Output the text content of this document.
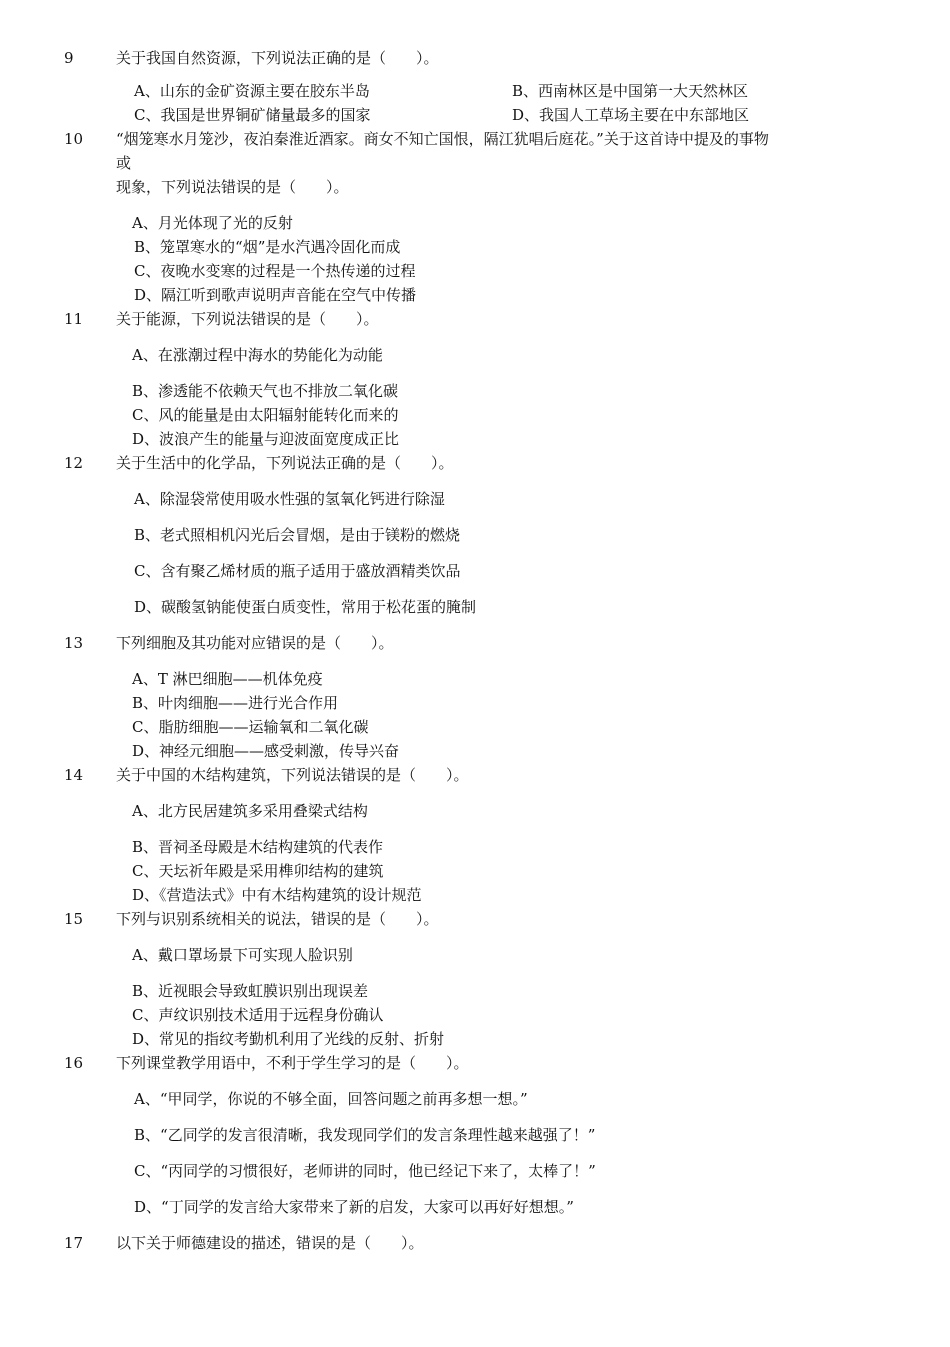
9	关于我国自然资源，下列说法正确的是（　　）。
A、山东的金矿资源主要在胶东半岛	B、西南林区是中国第一大天然林区
C、我国是世界铜矿储量最多的国家	D、我国人工草场主要在中东部地区
10 “烟笼寒水月笼沙，夜泊秦淮近酒家。商女不知亡国恨，隔江犹唱后庭花。”关于这首诗中提及的事物
或
现象，下列说法错误的是（　　）。
A、月光体现了光的反射
B、笼罩寒水的“烟”是水汽遇冷固化而成
C、夜晚水变寒的过程是一个热传递的过程
D、隔江听到歌声说明声音能在空气中传播
11 关于能源，下列说法错误的是（　　）。
A、在涨潮过程中海水的势能化为动能
B、渗透能不依赖天气也不排放二氧化碳
C、风的能量是由太阳辐射能转化而来的
D、波浪产生的能量与迎波面宽度成正比
12 关于生活中的化学品，下列说法正确的是（　　）。
A、除湿袋常使用吸水性强的氢氧化钙进行除湿
B、老式照相机闪光后会冒烟，是由于镁粉的燃烧
C、含有聚乙烯材质的瓶子适用于盛放酒精类饮品
D、碳酸氢钠能使蛋白质变性，常用于松花蛋的腌制
13 下列细胞及其功能对应错误的是（　　）。
A、T 淋巴细胞——机体免疫
B、叶肉细胞——进行光合作用
C、脂肪细胞——运输氧和二氧化碳
D、神经元细胞——感受刺激，传导兴奋
14 关于中国的木结构建筑，下列说法错误的是（　　）。
A、北方民居建筑多采用叠梁式结构
B、晋祠圣母殿是木结构建筑的代表作
C、天坛祈年殿是采用榫卯结构的建筑
D、《营造法式》中有木结构建筑的设计规范
15 下列与识别系统相关的说法，错误的是（　　）。
A、戴口罩场景下可实现人脸识别
B、近视眼会导致虹膜识别出现误差
C、声纹识别技术适用于远程身份确认
D、常见的指纹考勤机利用了光线的反射、折射
16 下列课堂教学用语中，不利于学生学习的是（　　）。
A、“甲同学，你说的不够全面，回答问题之前再多想一想。”
B、“乙同学的发言很清晰，我发现同学们的发言条理性越来越强了！”
C、“丙同学的习惯很好，老师讲的同时，他已经记下来了，太棒了！”
D、“丁同学的发言给大家带来了新的启发，大家可以再好好想想。”
17 以下关于师德建设的描述，错误的是（　　）。
